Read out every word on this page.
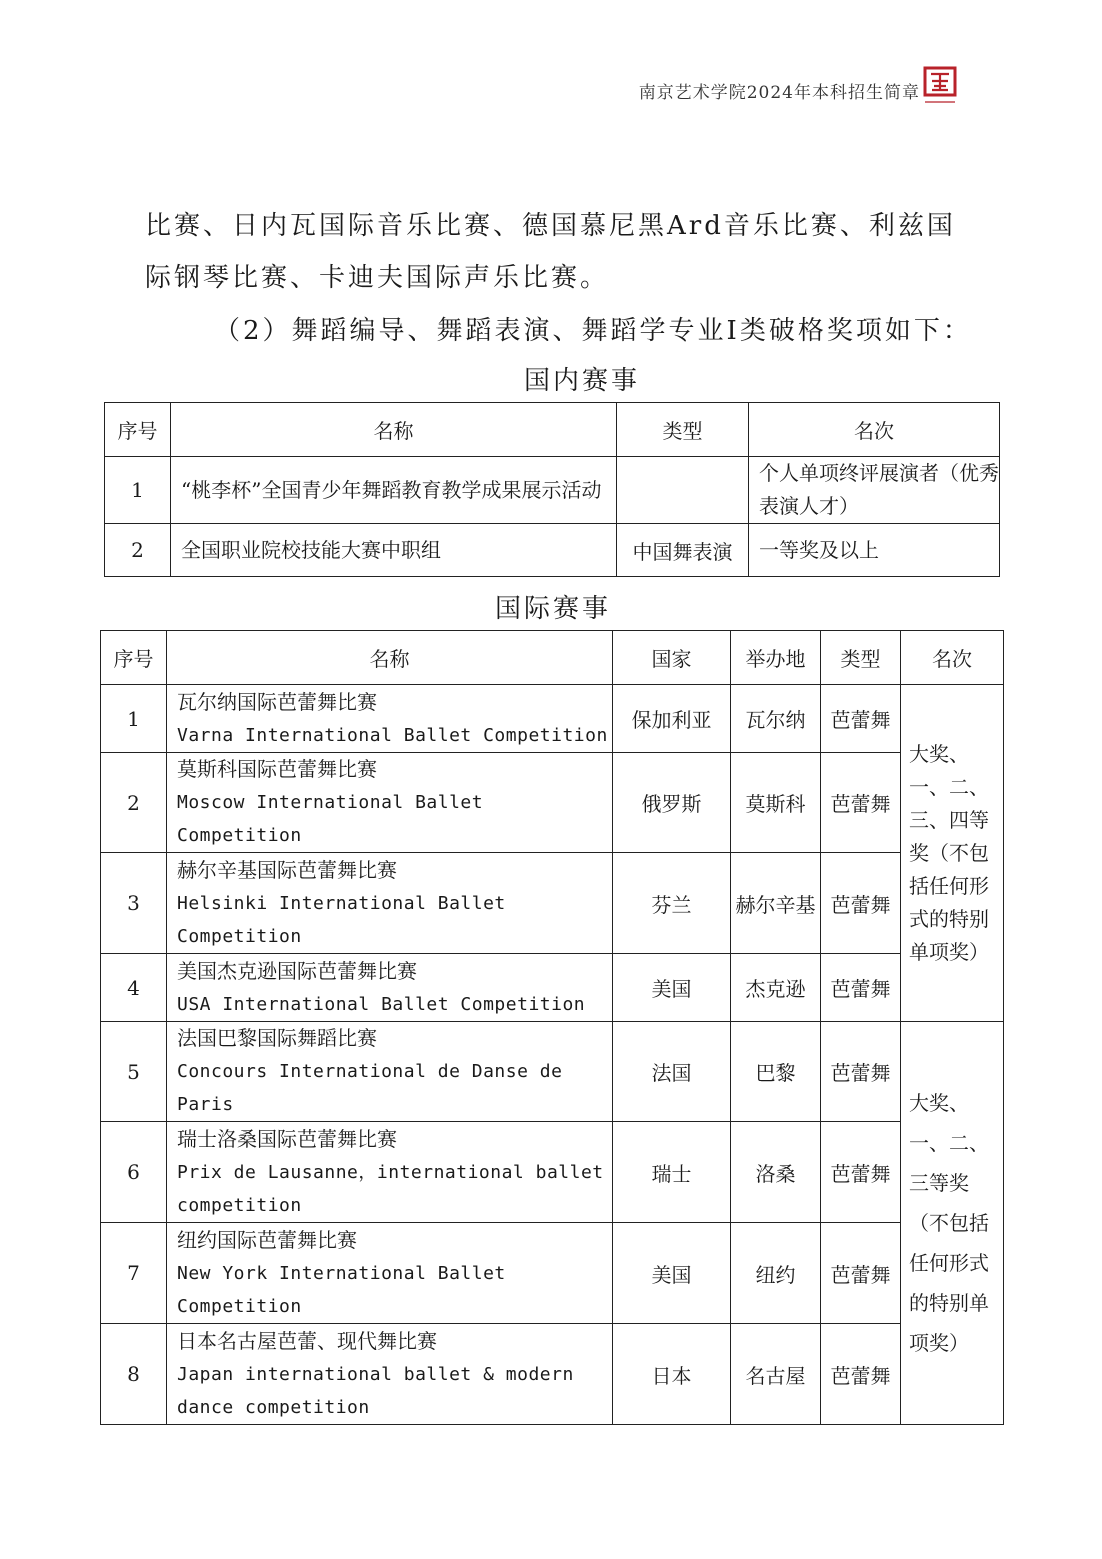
南京艺术学院2024年本科招生简章
比赛、日内瓦国际音乐比赛、德国慕尼黑Ard音乐比赛、利兹国
际钢琴比赛、卡迪夫国际声乐比赛。
（2）舞蹈编导、舞蹈表演、舞蹈学专业I类破格奖项如下：
国内赛事
序号	名称	类型	名次
1	“桃李杯”全国青少年舞蹈教育教学成果展示活动		个人单项终评展演者（优秀表演人才）
2	全国职业院校技能大赛中职组	中国舞表演	一等奖及以上
国际赛事
序号	名称	国家	举办地	类型	名次
1	瓦尔纳国际芭蕾舞比赛
Varna International Ballet Competition	保加利亚	瓦尔纳	芭蕾舞	大奖、一、二、三、四等奖（不包括任何形式的特别单项奖）
2	莫斯科国际芭蕾舞比赛
Moscow International Ballet Competition	俄罗斯	莫斯科	芭蕾舞	
3	赫尔辛基国际芭蕾舞比赛
Helsinki International Ballet Competition	芬兰	赫尔辛基	芭蕾舞	
4	美国杰克逊国际芭蕾舞比赛
USA International Ballet Competition	美国	杰克逊	芭蕾舞	
5	法国巴黎国际舞蹈比赛
Concours International de Danse de Paris	法国	巴黎	芭蕾舞	大奖、一、二、三等奖（不包括任何形式的特别单项奖）
6	瑞士洛桑国际芭蕾舞比赛
Prix de Lausanne，international ballet competition	瑞士	洛桑	芭蕾舞	
7	纽约国际芭蕾舞比赛
New York International Ballet Competition	美国	纽约	芭蕾舞	
8	日本名古屋芭蕾、现代舞比赛
Japan international ballet & modern dance competition	日本	名古屋	芭蕾舞	
